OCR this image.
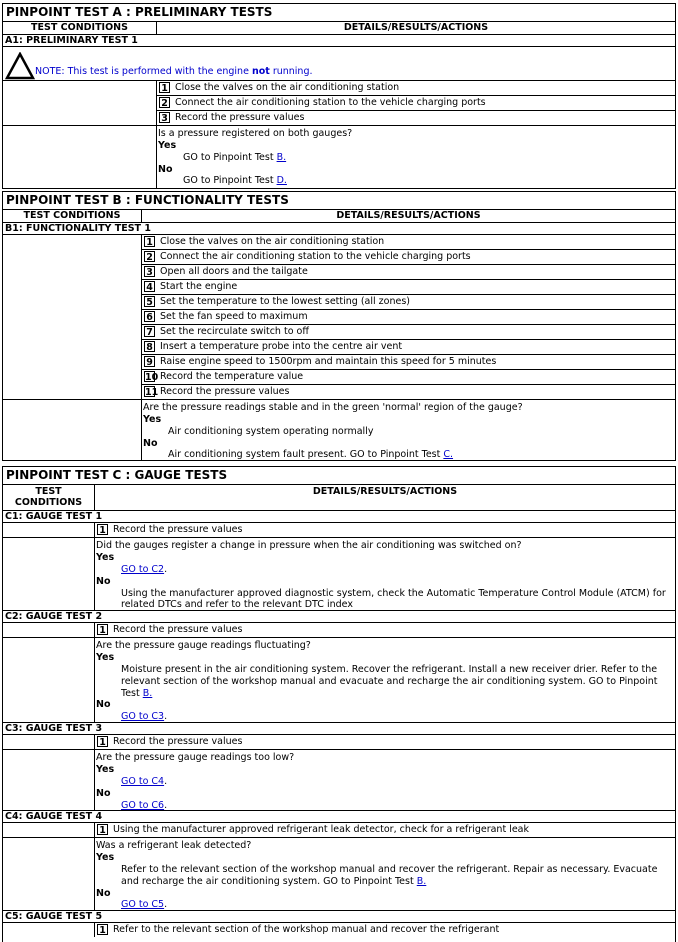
PINPOINT TEST A : PRELIMINARY TESTS
TEST CONDITIONS	DETAILS/RESULTS/ACTIONS
A1: PRELIMINARY TEST 1
NOTE: This test is performed with the engine not running.
1 Close the valves on the air conditioning station
2 Connect the air conditioning station to the vehicle charging ports
3 Record the pressure values
Is a pressure registered on both gauges?
Yes
GO to Pinpoint Test B.
No
GO to Pinpoint Test D.
PINPOINT TEST B : FUNCTIONALITY TESTS
TEST CONDITIONS	DETAILS/RESULTS/ACTIONS
B1: FUNCTIONALITY TEST 1
1 Close the valves on the air conditioning station
2 Connect the air conditioning station to the vehicle charging ports
3 Open all doors and the tailgate
4 Start the engine
5 Set the temperature to the lowest setting (all zones)
6 Set the fan speed to maximum
7 Set the recirculate switch to off
8 Insert a temperature probe into the centre air vent
9 Raise engine speed to 1500rpm and maintain this speed for 5 minutes
10 Record the temperature value
11 Record the pressure values
Are the pressure readings stable and in the green 'normal' region of the gauge?
Yes
Air conditioning system operating normally
No
Air conditioning system fault present. GO to Pinpoint Test C.
PINPOINT TEST C : GAUGE TESTS
TEST
CONDITIONS
DETAILS/RESULTS/ACTIONS
C1: GAUGE TEST 1
1 Record the pressure values
Did the gauges register a change in pressure when the air conditioning was switched on?
Yes
GO to C2.
No
Using the manufacturer approved diagnostic system, check the Automatic Temperature Control Module (ATCM) for related DTCs and refer to the relevant DTC index
C2: GAUGE TEST 2
1 Record the pressure values
Are the pressure gauge readings fluctuating?
Yes
Moisture present in the air conditioning system. Recover the refrigerant. Install a new receiver drier. Refer to the relevant section of the workshop manual and evacuate and recharge the air conditioning system. GO to Pinpoint Test B.
No
GO to C3.
C3: GAUGE TEST 3
1 Record the pressure values
Are the pressure gauge readings too low?
Yes
GO to C4.
No
GO to C6.
C4: GAUGE TEST 4
1 Using the manufacturer approved refrigerant leak detector, check for a refrigerant leak
Was a refrigerant leak detected?
Yes
Refer to the relevant section of the workshop manual and recover the refrigerant. Repair as necessary. Evacuate and recharge the air conditioning system. GO to Pinpoint Test B.
No
GO to C5.
C5: GAUGE TEST 5
1 Refer to the relevant section of the workshop manual and recover the refrigerant
